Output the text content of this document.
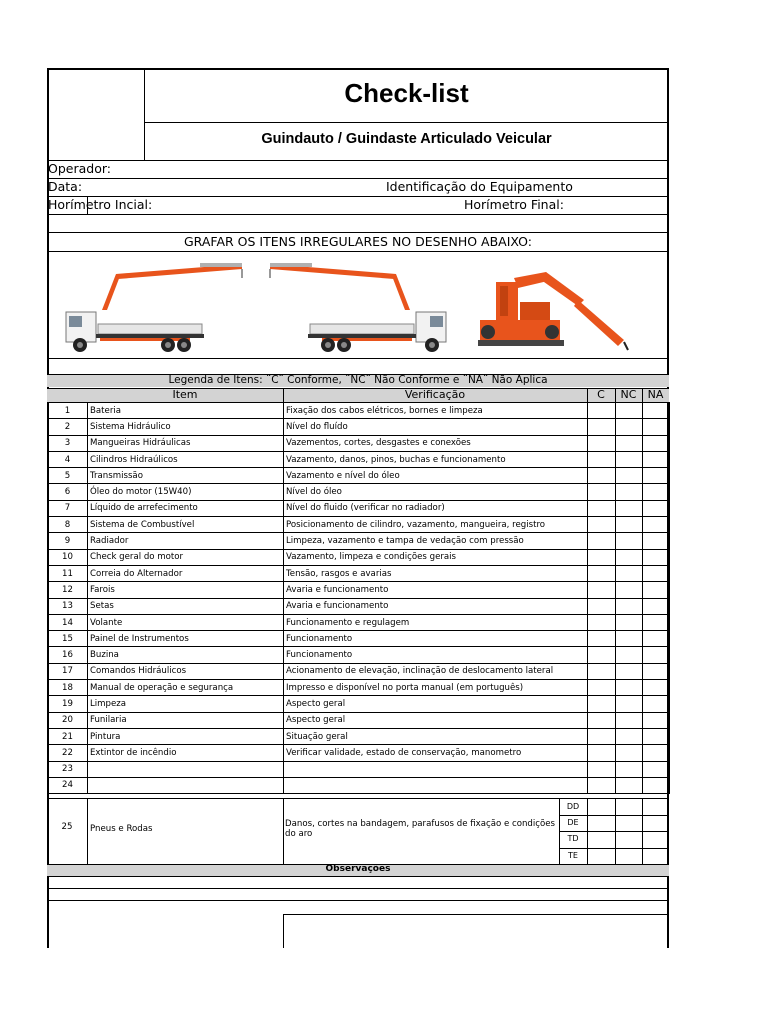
Check-list
Guindauto / Guindaste Articulado Veicular
Operador:
Data:	Identificação do Equipamento
Horímetro Incial:	Horímetro Final:
GRAFAR OS ITENS IRREGULARES NO DESENHO ABAIXO:
Legenda de Itens: ¨C¨ Conforme, ¨NC¨ Não Conforme e ¨NA¨ Não Aplica
Item	Verificação	C	NC	NA
1	Bateria	Fixação dos cabos elétricos, bornes e limpeza			
2	Sistema Hidráulico	Nível do fluído			
3	Mangueiras Hidráulicas	Vazementos, cortes, desgastes e conexões			
4	Cilindros Hidraúlicos	Vazamento, danos, pinos, buchas e funcionamento			
5	Transmissão	Vazamento e nível do óleo			
6	Óleo do motor (15W40)	Nível do óleo			
7	Líquido de arrefecimento	Nível do fluido (verificar no radiador)			
8	Sistema de Combustível	Posicionamento de cilindro, vazamento, mangueira, registro			
9	Radiador	Limpeza, vazamento e tampa de vedação com pressão			
10	Check geral do motor	Vazamento, limpeza e condições gerais			
11	Correia do Alternador	Tensão, rasgos e avarias			
12	Farois	Avaria e funcionamento			
13	Setas	Avaria e funcionamento			
14	Volante	Funcionamento e regulagem			
15	Painel de Instrumentos	Funcionamento			
16	Buzina	Funcionamento			
17	Comandos Hidráulicos	Acionamento de elevação, inclinação de deslocamento lateral			
18	Manual de operação e segurança	Impresso e disponível no porta manual (em português)			
19	Limpeza	Aspecto geral			
20	Funilaria	Aspecto geral			
21	Pintura	Situação geral			
22	Extintor de incêndio	Verificar validade, estado de conservação, manometro			
23					
24					
25	Pneus e Rodas	Danos, cortes na bandagem, parafusos de fixação e condições do aro
DD
DE
TD
TE
Observações
